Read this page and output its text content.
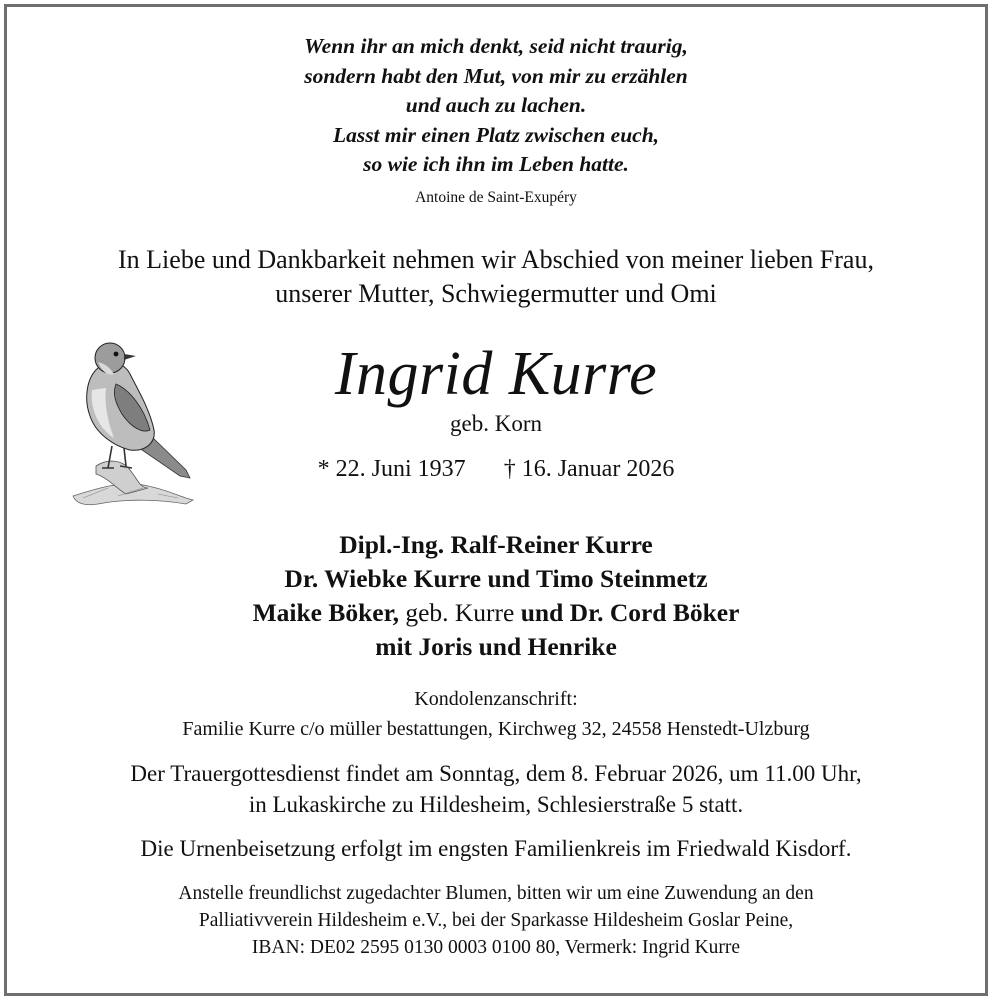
Wenn ihr an mich denkt, seid nicht traurig,
sondern habt den Mut, von mir zu erzählen
und auch zu lachen.
Lasst mir einen Platz zwischen euch,
so wie ich ihn im Leben hatte.
Antoine de Saint-Exupéry
In Liebe und Dankbarkeit nehmen wir Abschied von meiner lieben Frau,
unserer Mutter, Schwiegermutter und Omi
Ingrid Kurre
geb. Korn
* 22. Juni 1937 † 16. Januar 2026
Dipl.-Ing. Ralf-Reiner Kurre
Dr. Wiebke Kurre und Timo Steinmetz
Maike Böker, geb. Kurre und Dr. Cord Böker
mit Joris und Henrike
Kondolenzanschrift:
Familie Kurre c/o müller bestattungen, Kirchweg 32, 24558 Henstedt-Ulzburg
Der Trauergottesdienst findet am Sonntag, dem 8. Februar 2026, um 11.00 Uhr,
in Lukaskirche zu Hildesheim, Schlesierstraße 5 statt.
Die Urnenbeisetzung erfolgt im engsten Familienkreis im Friedwald Kisdorf.
Anstelle freundlichst zugedachter Blumen, bitten wir um eine Zuwendung an den
Palliativverein Hildesheim e.V., bei der Sparkasse Hildesheim Goslar Peine,
IBAN: DE02 2595 0130 0003 0100 80, Vermerk: Ingrid Kurre
